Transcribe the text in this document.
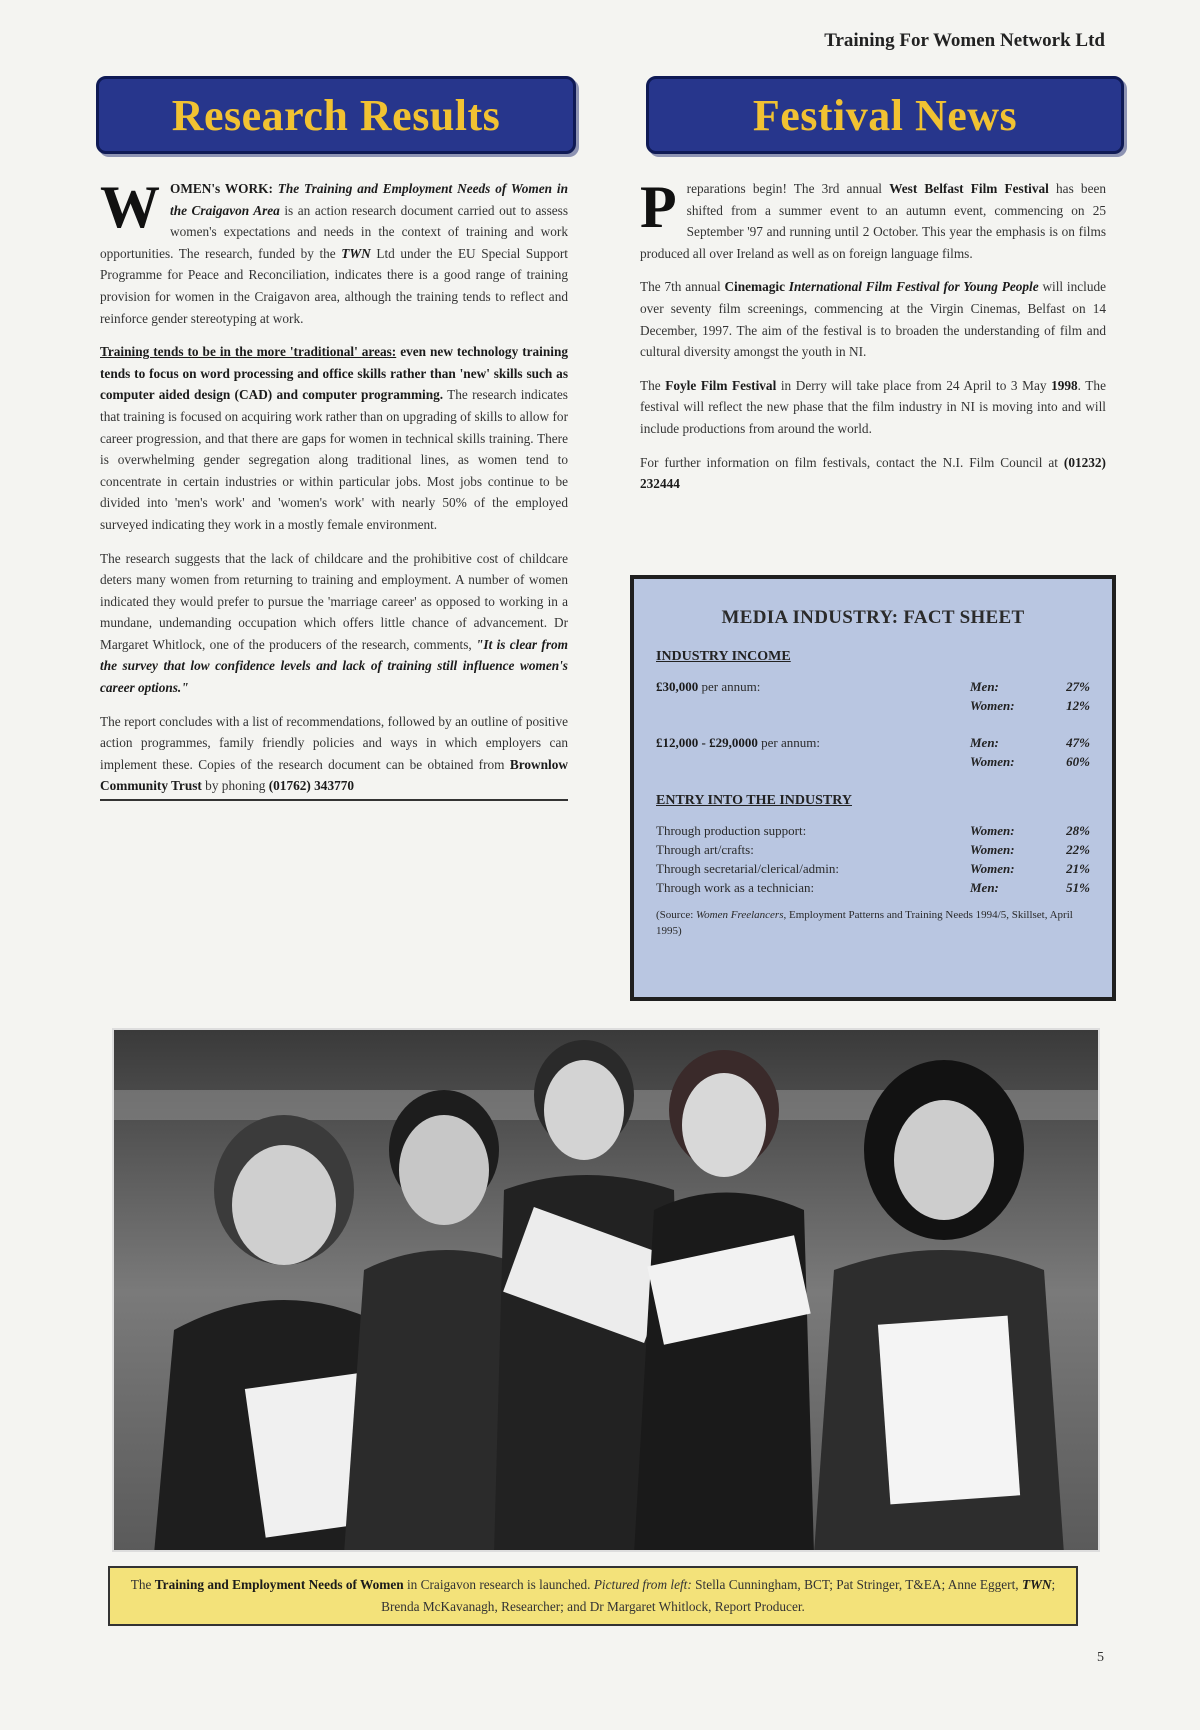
Training For Women Network Ltd
Research Results	Festival News

W OMEN's WORK: The Training and Employment Needs of Women in the Craigavon Area is an action research document carried out to assess women's expectations and needs in the context of training and work opportunities. The research, funded by the TWN Ltd under the EU Special Support Programme for Peace and Reconciliation, indicates there is a good range of training provision for women in the Craigavon area, although the training tends to reflect and reinforce gender stereotyping at work.

Training tends to be in the more 'traditional' areas: even new technology training tends to focus on word processing and office skills rather than 'new' skills such as computer aided design (CAD) and computer programming. The research indicates that training is focused on acquiring work rather than on upgrading of skills to allow for career progression, and that there are gaps for women in technical skills training. There is overwhelming gender segregation along traditional lines, as women tend to concentrate in certain industries or within particular jobs. Most jobs continue to be divided into 'men's work' and 'women's work' with nearly 50% of the employed surveyed indicating they work in a mostly female environment.

The research suggests that the lack of childcare and the prohibitive cost of childcare deters many women from returning to training and employment. A number of women indicated they would prefer to pursue the 'marriage career' as opposed to working in a mundane, undemanding occupation which offers little chance of advancement. Dr Margaret Whitlock, one of the producers of the research, comments, "It is clear from the survey that low confidence levels and lack of training still influence women's career options."

The report concludes with a list of recommendations, followed by an outline of positive action programmes, family friendly policies and ways in which employers can implement these. Copies of the research document can be obtained from Brownlow Community Trust by phoning (01762) 343770

P reparations begin! The 3rd annual West Belfast Film Festival has been shifted from a summer event to an autumn event, commencing on 25 September '97 and running until 2 October. This year the emphasis is on films produced all over Ireland as well as on foreign language films.

The 7th annual Cinemagic International Film Festival for Young People will include over seventy film screenings, commencing at the Virgin Cinemas, Belfast on 14 December, 1997. The aim of the festival is to broaden the understanding of film and cultural diversity amongst the youth in NI.

The Foyle Film Festival in Derry will take place from 24 April to 3 May 1998. The festival will reflect the new phase that the film industry in NI is moving into and will include productions from around the world.

For further information on film festivals, contact the N.I. Film Council at (01232) 232444

MEDIA INDUSTRY: FACT SHEET
INDUSTRY INCOME
£30,000 per annum:	Men:	27%
Women:	12%
£12,000 - £29,0000 per annum:	Men:	47%
Women:	60%
ENTRY INTO THE INDUSTRY
Through production support:	Women:	28%
Through art/crafts:	Women:	22%
Through secretarial/clerical/admin:	Women:	21%
Through work as a technician:	Men:	51%
(Source: Women Freelancers, Employment Patterns and Training Needs 1994/5, Skillset, April 1995)
The Training and Employment Needs of Women in Craigavon research is launched. Pictured from left: Stella Cunningham, BCT; Pat Stringer, T&EA; Anne Eggert, TWN; Brenda McKavanagh, Researcher; and Dr Margaret Whitlock, Report Producer.
5
